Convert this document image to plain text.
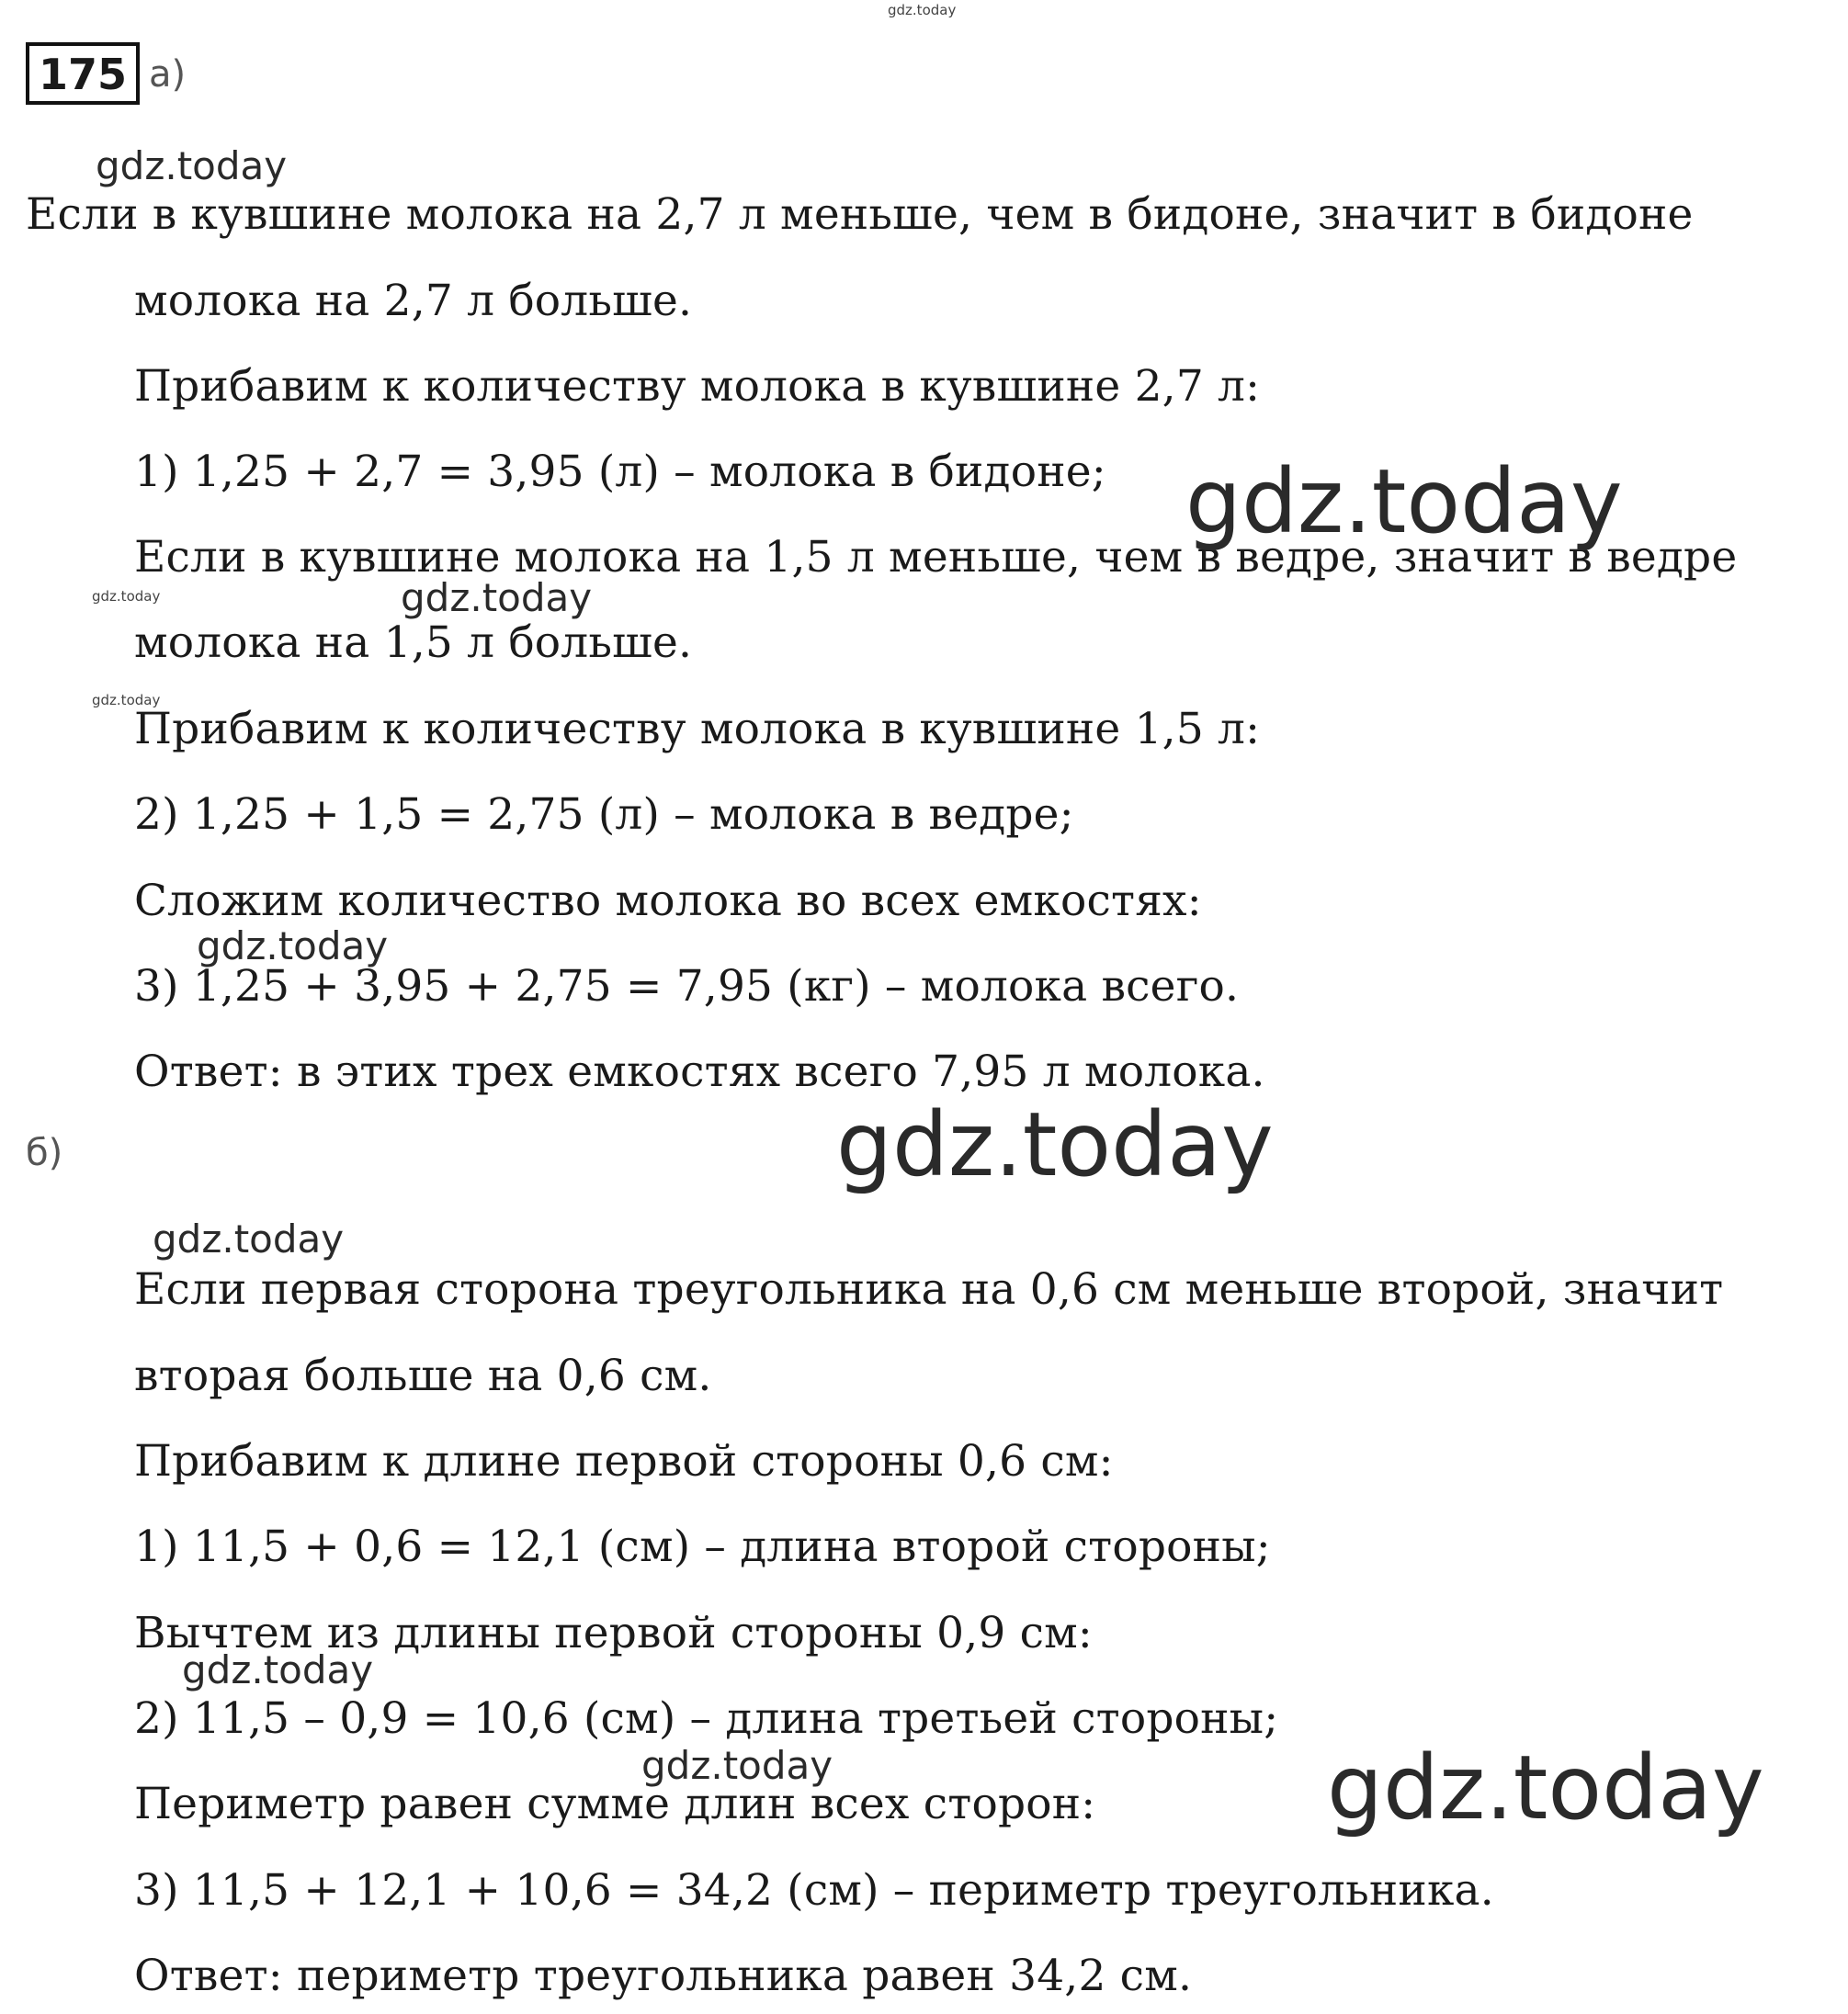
175 а)
Если в кувшине молока на 2,7 л меньше, чем в бидоне, значит в бидоне
молока на 2,7 л больше.
Прибавим к количеству молока в кувшине 2,7 л:
1) 1,25 + 2,7 = 3,95 (л) – молока в бидоне;
Если в кувшине молока на 1,5 л меньше, чем в ведре, значит в ведре
молока на 1,5 л больше.
Прибавим к количеству молока в кувшине 1,5 л:
2) 1,25 + 1,5 = 2,75 (л) – молока в ведре;
Сложим количество молока во всех емкостях:
3) 1,25 + 3,95 + 2,75 = 7,95 (кг) – молока всего.
Ответ: в этих трех емкостях всего 7,95 л молока.
б)
Если первая сторона треугольника на 0,6 см меньше второй, значит
вторая больше на 0,6 см.
Прибавим к длине первой стороны 0,6 см:
1) 11,5 + 0,6 = 12,1 (см) – длина второй стороны;
Вычтем из длины первой стороны 0,9 см:
2) 11,5 – 0,9 = 10,6 (см) – длина третьей стороны;
Периметр равен сумме длин всех сторон:
3) 11,5 + 12,1 + 10,6 = 34,2 (см) – периметр треугольника.
Ответ: периметр треугольника равен 34,2 см.
gdz.today
gdz.today
gdz.today
gdz.today	gdz.today
gdz.today
gdz.today
gdz.today
gdz.today
gdz.today
gdz.today	gdz.today
